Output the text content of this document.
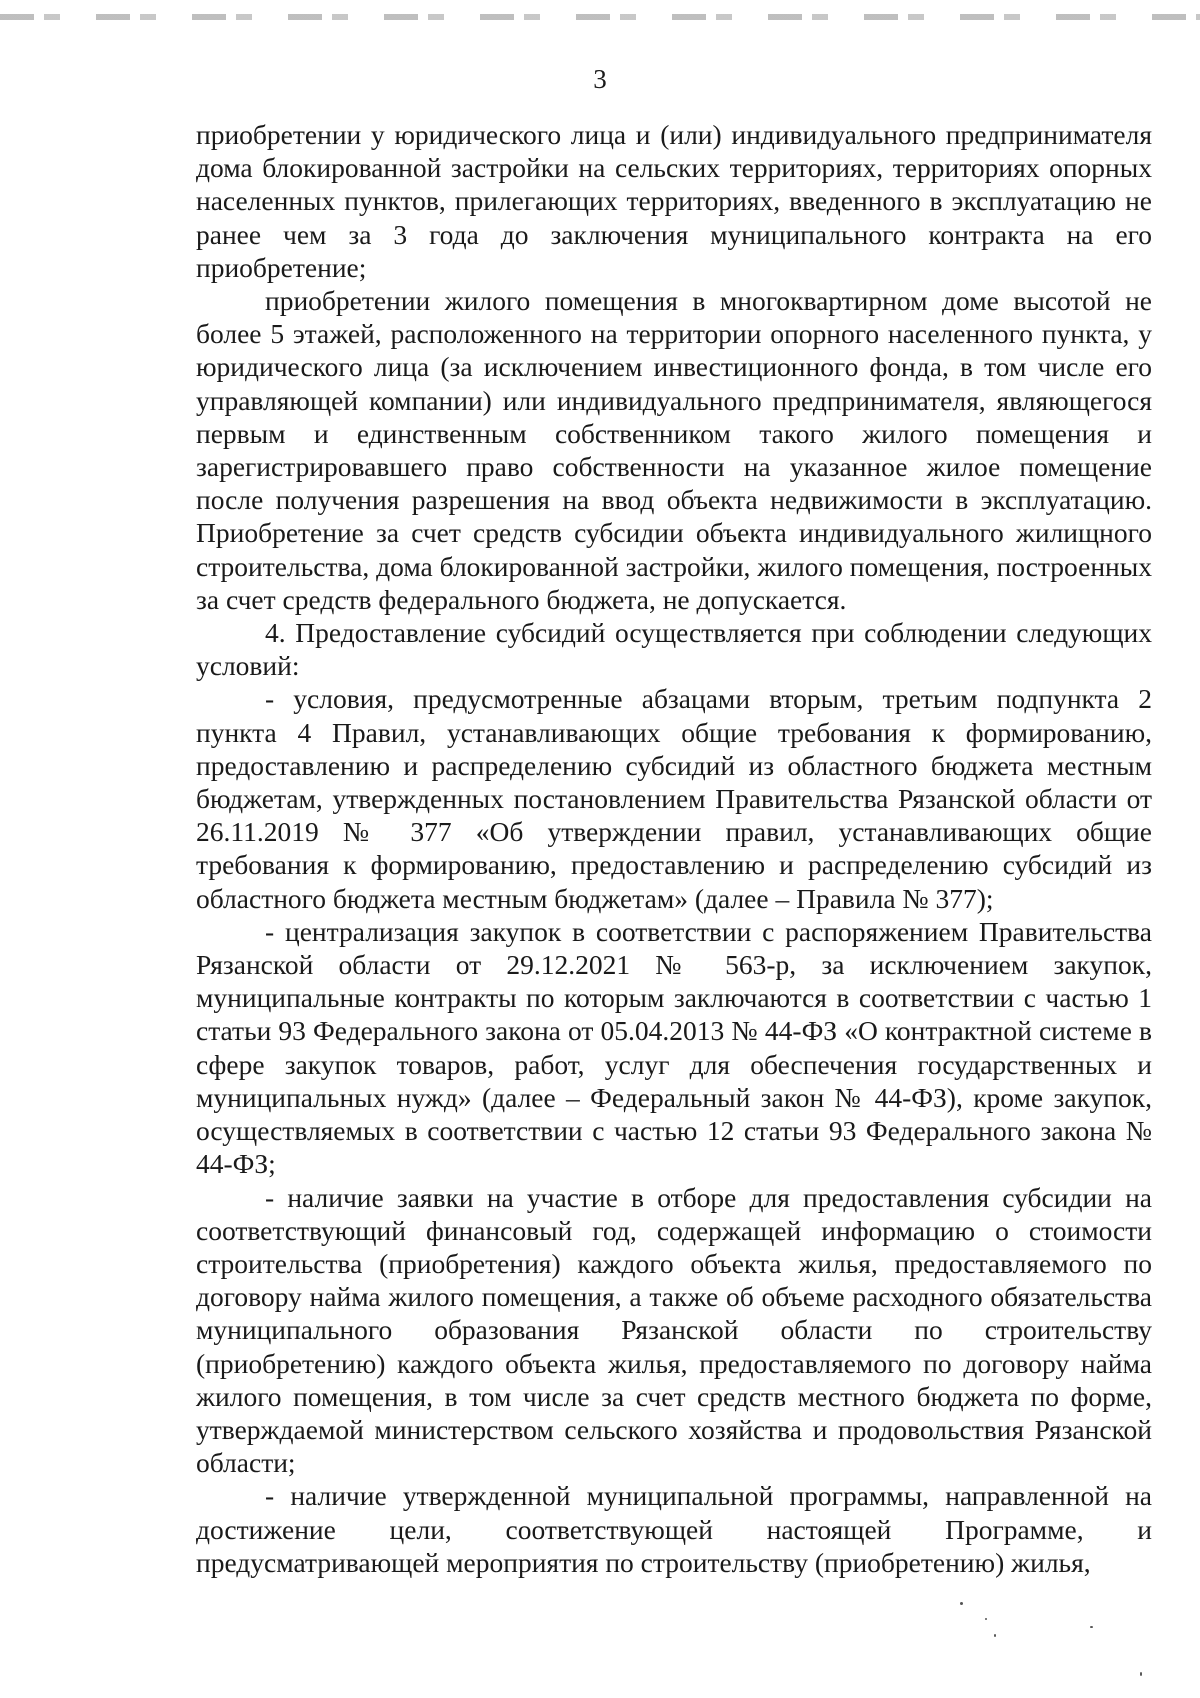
3

приобретении у юридического лица и (или) индивидуального предпринимателя дома блокированной застройки на сельских территориях, территориях опорных населенных пунктов, прилегающих территориях, введенного в эксплуатацию не ранее чем за 3 года до заключения муниципального контракта на его приобретение;

приобретении жилого помещения в многоквартирном доме высотой не более 5 этажей, расположенного на территории опорного населенного пункта, у юридического лица (за исключением инвестиционного фонда, в том числе его управляющей компании) или индивидуального предпринимателя, являющегося первым и единственным собственником такого жилого помещения и зарегистрировавшего право собственности на указанное жилое помещение после получения разрешения на ввод объекта недвижимости в эксплуатацию. Приобретение за счет средств субсидии объекта индивидуального жилищного строительства, дома блокированной застройки, жилого помещения, построенных за счет средств федерального бюджета, не допускается.

4. Предоставление субсидий осуществляется при соблюдении следующих условий:

- условия, предусмотренные абзацами вторым, третьим подпункта 2 пункта 4 Правил, устанавливающих общие требования к формированию, предоставлению и распределению субсидий из областного бюджета местным бюджетам, утвержденных постановлением Правительства Рязанской области от 26.11.2019 № 377 «Об утверждении правил, устанавливающих общие требования к формированию, предоставлению и распределению субсидий из областного бюджета местным бюджетам» (далее – Правила № 377);

- централизация закупок в соответствии с распоряжением Правительства Рязанской области от 29.12.2021 № 563-р, за исключением закупок, муниципальные контракты по которым заключаются в соответствии с частью 1 статьи 93 Федерального закона от 05.04.2013 № 44-ФЗ «О контрактной системе в сфере закупок товаров, работ, услуг для обеспечения государственных и муниципальных нужд» (далее – Федеральный закон № 44-ФЗ), кроме закупок, осуществляемых в соответствии с частью 12 статьи 93 Федерального закона № 44-ФЗ;

- наличие заявки на участие в отборе для предоставления субсидии на соответствующий финансовый год, содержащей информацию о стоимости строительства (приобретения) каждого объекта жилья, предоставляемого по договору найма жилого помещения, а также об объеме расходного обязательства муниципального образования Рязанской области по строительству (приобретению) каждого объекта жилья, предоставляемого по договору найма жилого помещения, в том числе за счет средств местного бюджета по форме, утверждаемой министерством сельского хозяйства и продовольствия Рязанской области;

- наличие утвержденной муниципальной программы, направленной на достижение цели, соответствующей настоящей Программе, и предусматривающей мероприятия по строительству (приобретению) жилья,
